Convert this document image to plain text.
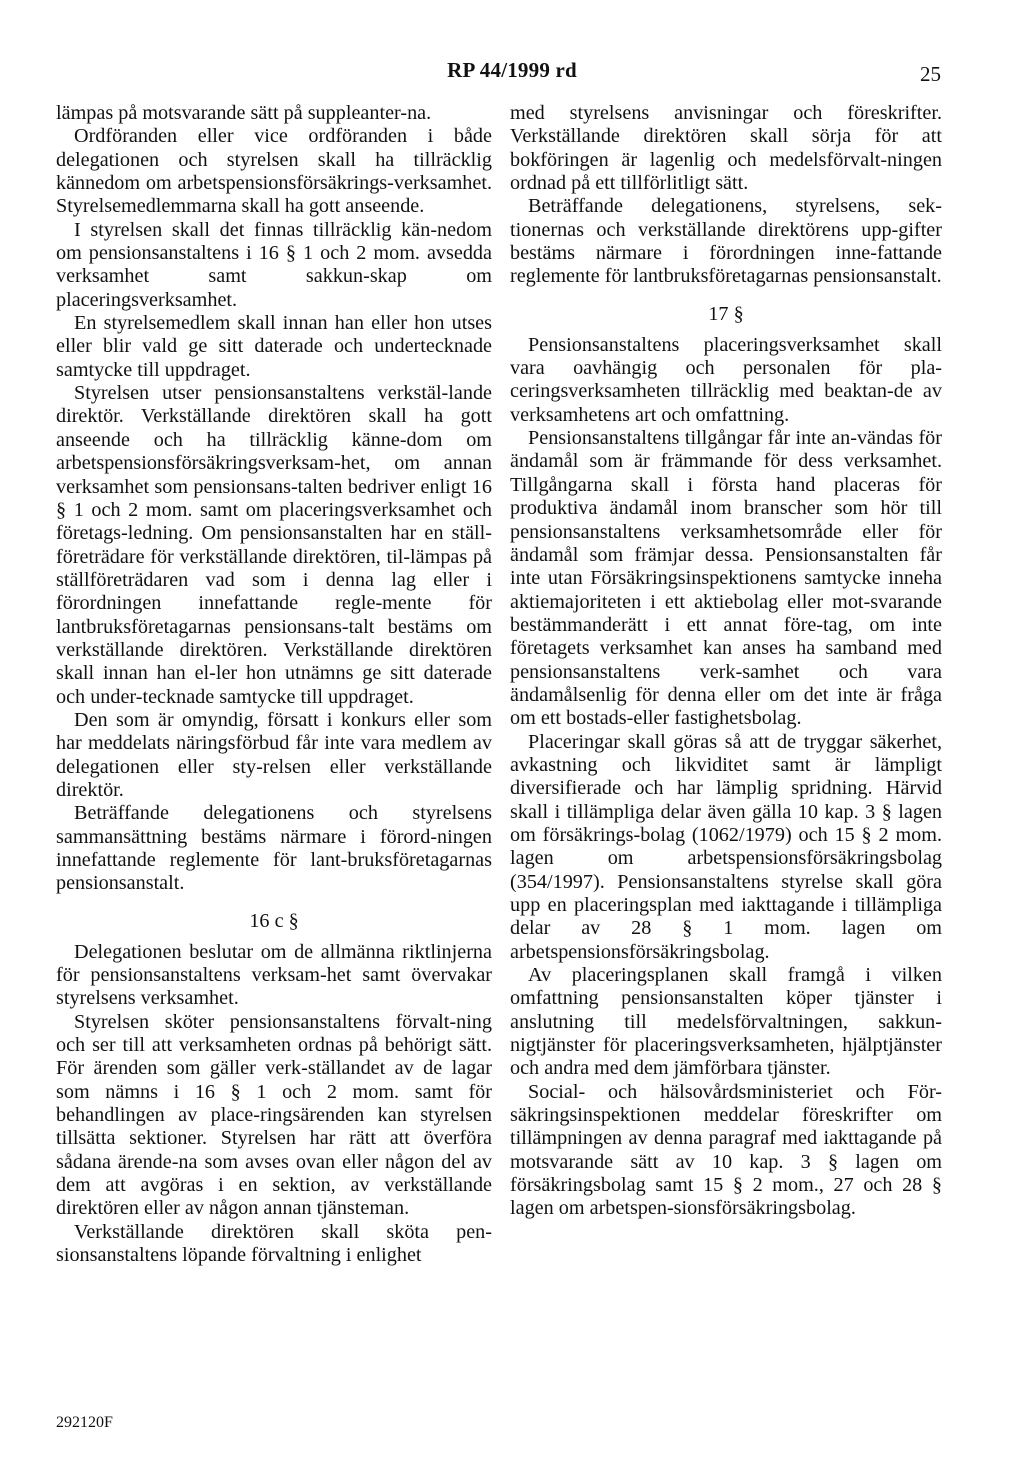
RP 44/1999 rd	25

lämpas på motsvarande sätt på suppleanter-na.

Ordföranden eller vice ordföranden i både delegationen och styrelsen skall ha tillräcklig kännedom om arbetspensionsförsäkrings-verksamhet. Styrelsemedlemmarna skall ha gott anseende.

I styrelsen skall det finnas tillräcklig kän-nedom om pensionsanstaltens i 16 § 1 och 2 mom. avsedda verksamhet samt sakkun-skap om placeringsverksamhet.

En styrelsemedlem skall innan han eller hon utses eller blir vald ge sitt daterade och undertecknade samtycke till uppdraget.

Styrelsen utser pensionsanstaltens verkstäl-lande direktör. Verkställande direktören skall ha gott anseende och ha tillräcklig känne-dom om arbetspensionsförsäkringsverksam-het, om annan verksamhet som pensionsans-talten bedriver enligt 16 § 1 och 2 mom. samt om placeringsverksamhet och företags-ledning. Om pensionsanstalten har en ställ-företrädare för verkställande direktören, til-lämpas på ställföreträdaren vad som i denna lag eller i förordningen innefattande regle-mente för lantbruksföretagarnas pensionsans-talt bestäms om verkställande direktören. Verkställande direktören skall innan han el-ler hon utnämns ge sitt daterade och under-tecknade samtycke till uppdraget.

Den som är omyndig, försatt i konkurs eller som har meddelats näringsförbud får inte vara medlem av delegationen eller sty-relsen eller verkställande direktör.

Beträffande delegationens och styrelsens sammansättning bestäms närmare i förord-ningen innefattande reglemente för lant-bruksföretagarnas pensionsanstalt.

16 c §

Delegationen beslutar om de allmänna riktlinjerna för pensionsanstaltens verksam-het samt övervakar styrelsens verksamhet.

Styrelsen sköter pensionsanstaltens förvalt-ning och ser till att verksamheten ordnas på behörigt sätt. För ärenden som gäller verk-ställandet av de lagar som nämns i 16 § 1 och 2 mom. samt för behandlingen av place-ringsärenden kan styrelsen tillsätta sektioner. Styrelsen har rätt att överföra sådana ärende-na som avses ovan eller någon del av dem att avgöras i en sektion, av verkställande direktören eller av någon annan tjänsteman.

Verkställande direktören skall sköta pen-sionsanstaltens löpande förvaltning i enlighet

med styrelsens anvisningar och föreskrifter. Verkställande direktören skall sörja för att bokföringen är lagenlig och medelsförvalt-ningen ordnad på ett tillförlitligt sätt.

Beträffande delegationens, styrelsens, sek-tionernas och verkställande direktörens upp-gifter bestäms närmare i förordningen inne-fattande reglemente för lantbruksföretagarnas pensionsanstalt.

17 §

Pensionsanstaltens placeringsverksamhet skall vara oavhängig och personalen för pla-ceringsverksamheten tillräcklig med beaktan-de av verksamhetens art och omfattning.

Pensionsanstaltens tillgångar får inte an-vändas för ändamål som är främmande för dess verksamhet. Tillgångarna skall i första hand placeras för produktiva ändamål inom branscher som hör till pensionsanstaltens verksamhetsområde eller för ändamål som främjar dessa. Pensionsanstalten får inte utan Försäkringsinspektionens samtycke inneha aktiemajoriteten i ett aktiebolag eller mot-svarande bestämmanderätt i ett annat före-tag, om inte företagets verksamhet kan anses ha samband med pensionsanstaltens verk-samhet och vara ändamålsenlig för denna eller om det inte är fråga om ett bostads-eller fastighetsbolag.

Placeringar skall göras så att de tryggar säkerhet, avkastning och likviditet samt är lämpligt diversifierade och har lämplig spridning. Härvid skall i tillämpliga delar även gälla 10 kap. 3 § lagen om försäkrings-bolag (1062/1979) och 15 § 2 mom. lagen om arbetspensionsförsäkringsbolag (354/1997). Pensionsanstaltens styrelse skall göra upp en placeringsplan med iakttagande i tillämpliga delar av 28 § 1 mom. lagen om arbetspensionsförsäkringsbolag.

Av placeringsplanen skall framgå i vilken omfattning pensionsanstalten köper tjänster i anslutning till medelsförvaltningen, sakkun-nigtjänster för placeringsverksamheten, hjälptjänster och andra med dem jämförbara tjänster.

Social- och hälsovårdsministeriet och För-säkringsinspektionen meddelar föreskrifter om tillämpningen av denna paragraf med iakttagande på motsvarande sätt av 10 kap. 3 § lagen om försäkringsbolag samt 15 § 2 mom., 27 och 28 § lagen om arbetspen-sionsförsäkringsbolag.

292120F
